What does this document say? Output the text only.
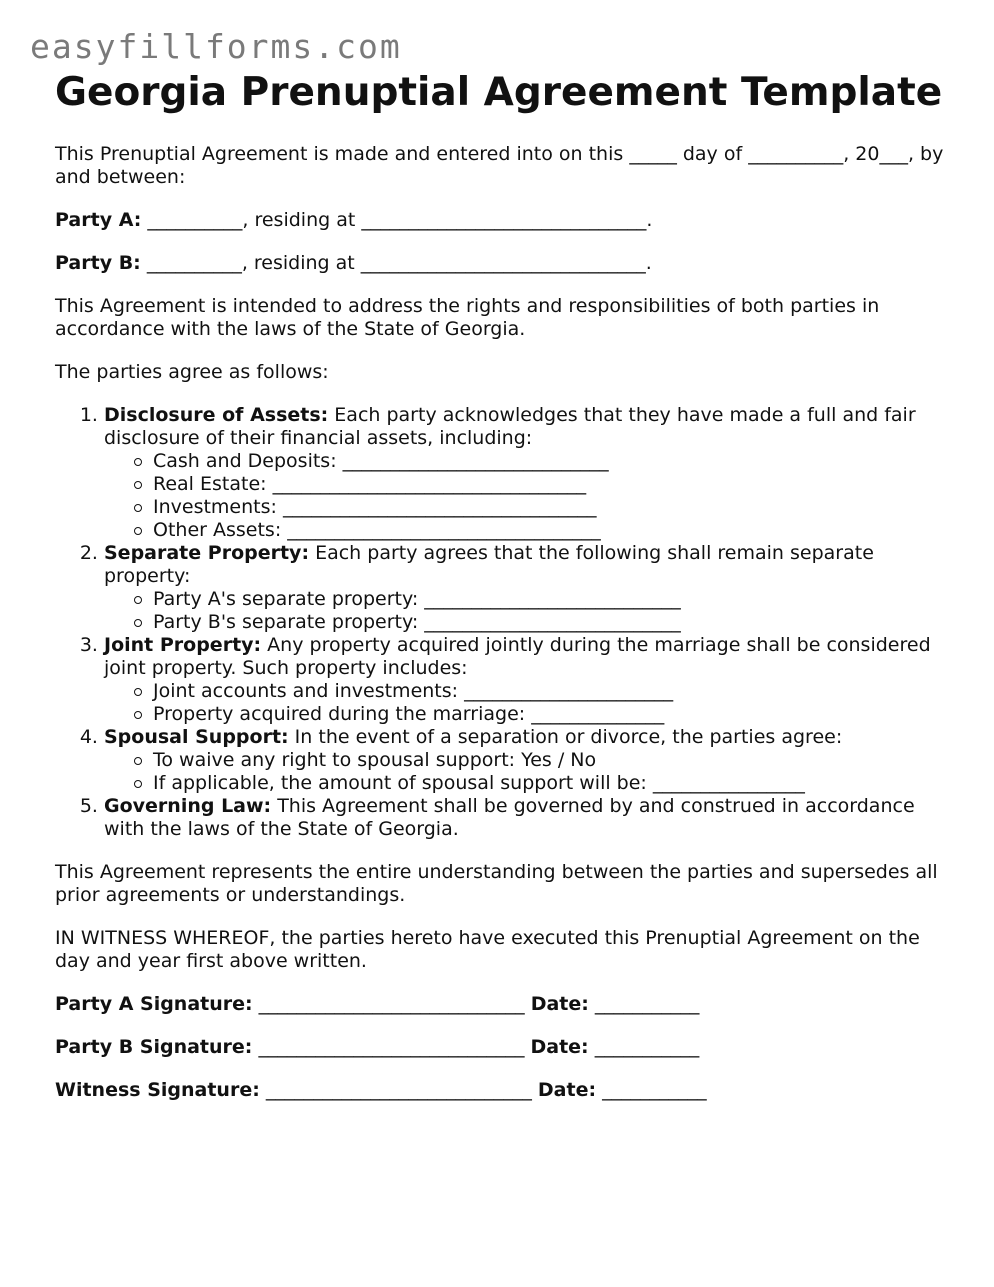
easyfillforms.com
Georgia Prenuptial Agreement Template

This Prenuptial Agreement is made and entered into on this _____ day of __________, 20___, by and between:

Party A: __________, residing at ______________________________.

Party B: __________, residing at ______________________________.

This Agreement is intended to address the rights and responsibilities of both parties in accordance with the laws of the State of Georgia.

The parties agree as follows:

1. Disclosure of Assets: Each party acknowledges that they have made a full and fair disclosure of their financial assets, including:
Cash and Deposits: ____________________________
Real Estate: _________________________________
Investments: _________________________________
Other Assets: _________________________________
2. Separate Property: Each party agrees that the following shall remain separate property:
Party A's separate property: ___________________________
Party B's separate property: ___________________________
3. Joint Property: Any property acquired jointly during the marriage shall be considered joint property. Such property includes:
Joint accounts and investments: ______________________
Property acquired during the marriage: ______________
4. Spousal Support: In the event of a separation or divorce, the parties agree:
To waive any right to spousal support: Yes / No
If applicable, the amount of spousal support will be: ________________
5. Governing Law: This Agreement shall be governed by and construed in accordance with the laws of the State of Georgia.

This Agreement represents the entire understanding between the parties and supersedes all prior agreements or understandings.

IN WITNESS WHEREOF, the parties hereto have executed this Prenuptial Agreement on the day and year first above written.

Party A Signature: ____________________________ Date: ___________

Party B Signature: ____________________________ Date: ___________

Witness Signature: ____________________________ Date: ___________
